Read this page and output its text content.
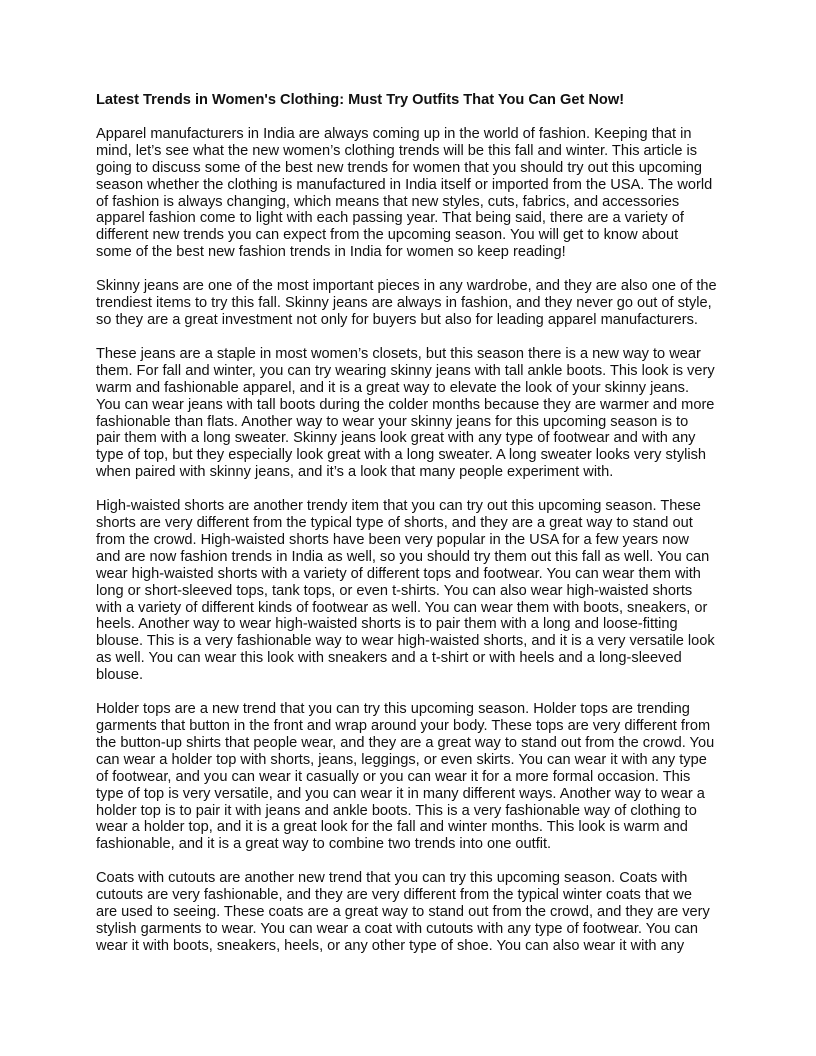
Latest Trends in Women's Clothing: Must Try Outfits That You Can Get Now!
Apparel manufacturers in India are always coming up in the world of fashion. Keeping that in
mind, let’s see what the new women’s clothing trends will be this fall and winter. This article is
going to discuss some of the best new trends for women that you should try out this upcoming
season whether the clothing is manufactured in India itself or imported from the USA. The world
of fashion is always changing, which means that new styles, cuts, fabrics, and accessories
apparel fashion come to light with each passing year. That being said, there are a variety of
different new trends you can expect from the upcoming season. You will get to know about
some of the best new fashion trends in India for women so keep reading!
Skinny jeans are one of the most important pieces in any wardrobe, and they are also one of the
trendiest items to try this fall. Skinny jeans are always in fashion, and they never go out of style,
so they are a great investment not only for buyers but also for leading apparel manufacturers.
These jeans are a staple in most women’s closets, but this season there is a new way to wear
them. For fall and winter, you can try wearing skinny jeans with tall ankle boots. This look is very
warm and fashionable apparel, and it is a great way to elevate the look of your skinny jeans.
You can wear jeans with tall boots during the colder months because they are warmer and more
fashionable than flats. Another way to wear your skinny jeans for this upcoming season is to
pair them with a long sweater. Skinny jeans look great with any type of footwear and with any
type of top, but they especially look great with a long sweater. A long sweater looks very stylish
when paired with skinny jeans, and it’s a look that many people experiment with.
High-waisted shorts are another trendy item that you can try out this upcoming season. These
shorts are very different from the typical type of shorts, and they are a great way to stand out
from the crowd. High-waisted shorts have been very popular in the USA for a few years now
and are now fashion trends in India as well, so you should try them out this fall as well. You can
wear high-waisted shorts with a variety of different tops and footwear. You can wear them with
long or short-sleeved tops, tank tops, or even t-shirts. You can also wear high-waisted shorts
with a variety of different kinds of footwear as well. You can wear them with boots, sneakers, or
heels. Another way to wear high-waisted shorts is to pair them with a long and loose-fitting
blouse. This is a very fashionable way to wear high-waisted shorts, and it is a very versatile look
as well. You can wear this look with sneakers and a t-shirt or with heels and a long-sleeved
blouse.
Holder tops are a new trend that you can try this upcoming season. Holder tops are trending
garments that button in the front and wrap around your body. These tops are very different from
the button-up shirts that people wear, and they are a great way to stand out from the crowd. You
can wear a holder top with shorts, jeans, leggings, or even skirts. You can wear it with any type
of footwear, and you can wear it casually or you can wear it for a more formal occasion. This
type of top is very versatile, and you can wear it in many different ways. Another way to wear a
holder top is to pair it with jeans and ankle boots. This is a very fashionable way of clothing to
wear a holder top, and it is a great look for the fall and winter months. This look is warm and
fashionable, and it is a great way to combine two trends into one outfit.
Coats with cutouts are another new trend that you can try this upcoming season. Coats with
cutouts are very fashionable, and they are very different from the typical winter coats that we
are used to seeing. These coats are a great way to stand out from the crowd, and they are very
stylish garments to wear. You can wear a coat with cutouts with any type of footwear. You can
wear it with boots, sneakers, heels, or any other type of shoe. You can also wear it with any
